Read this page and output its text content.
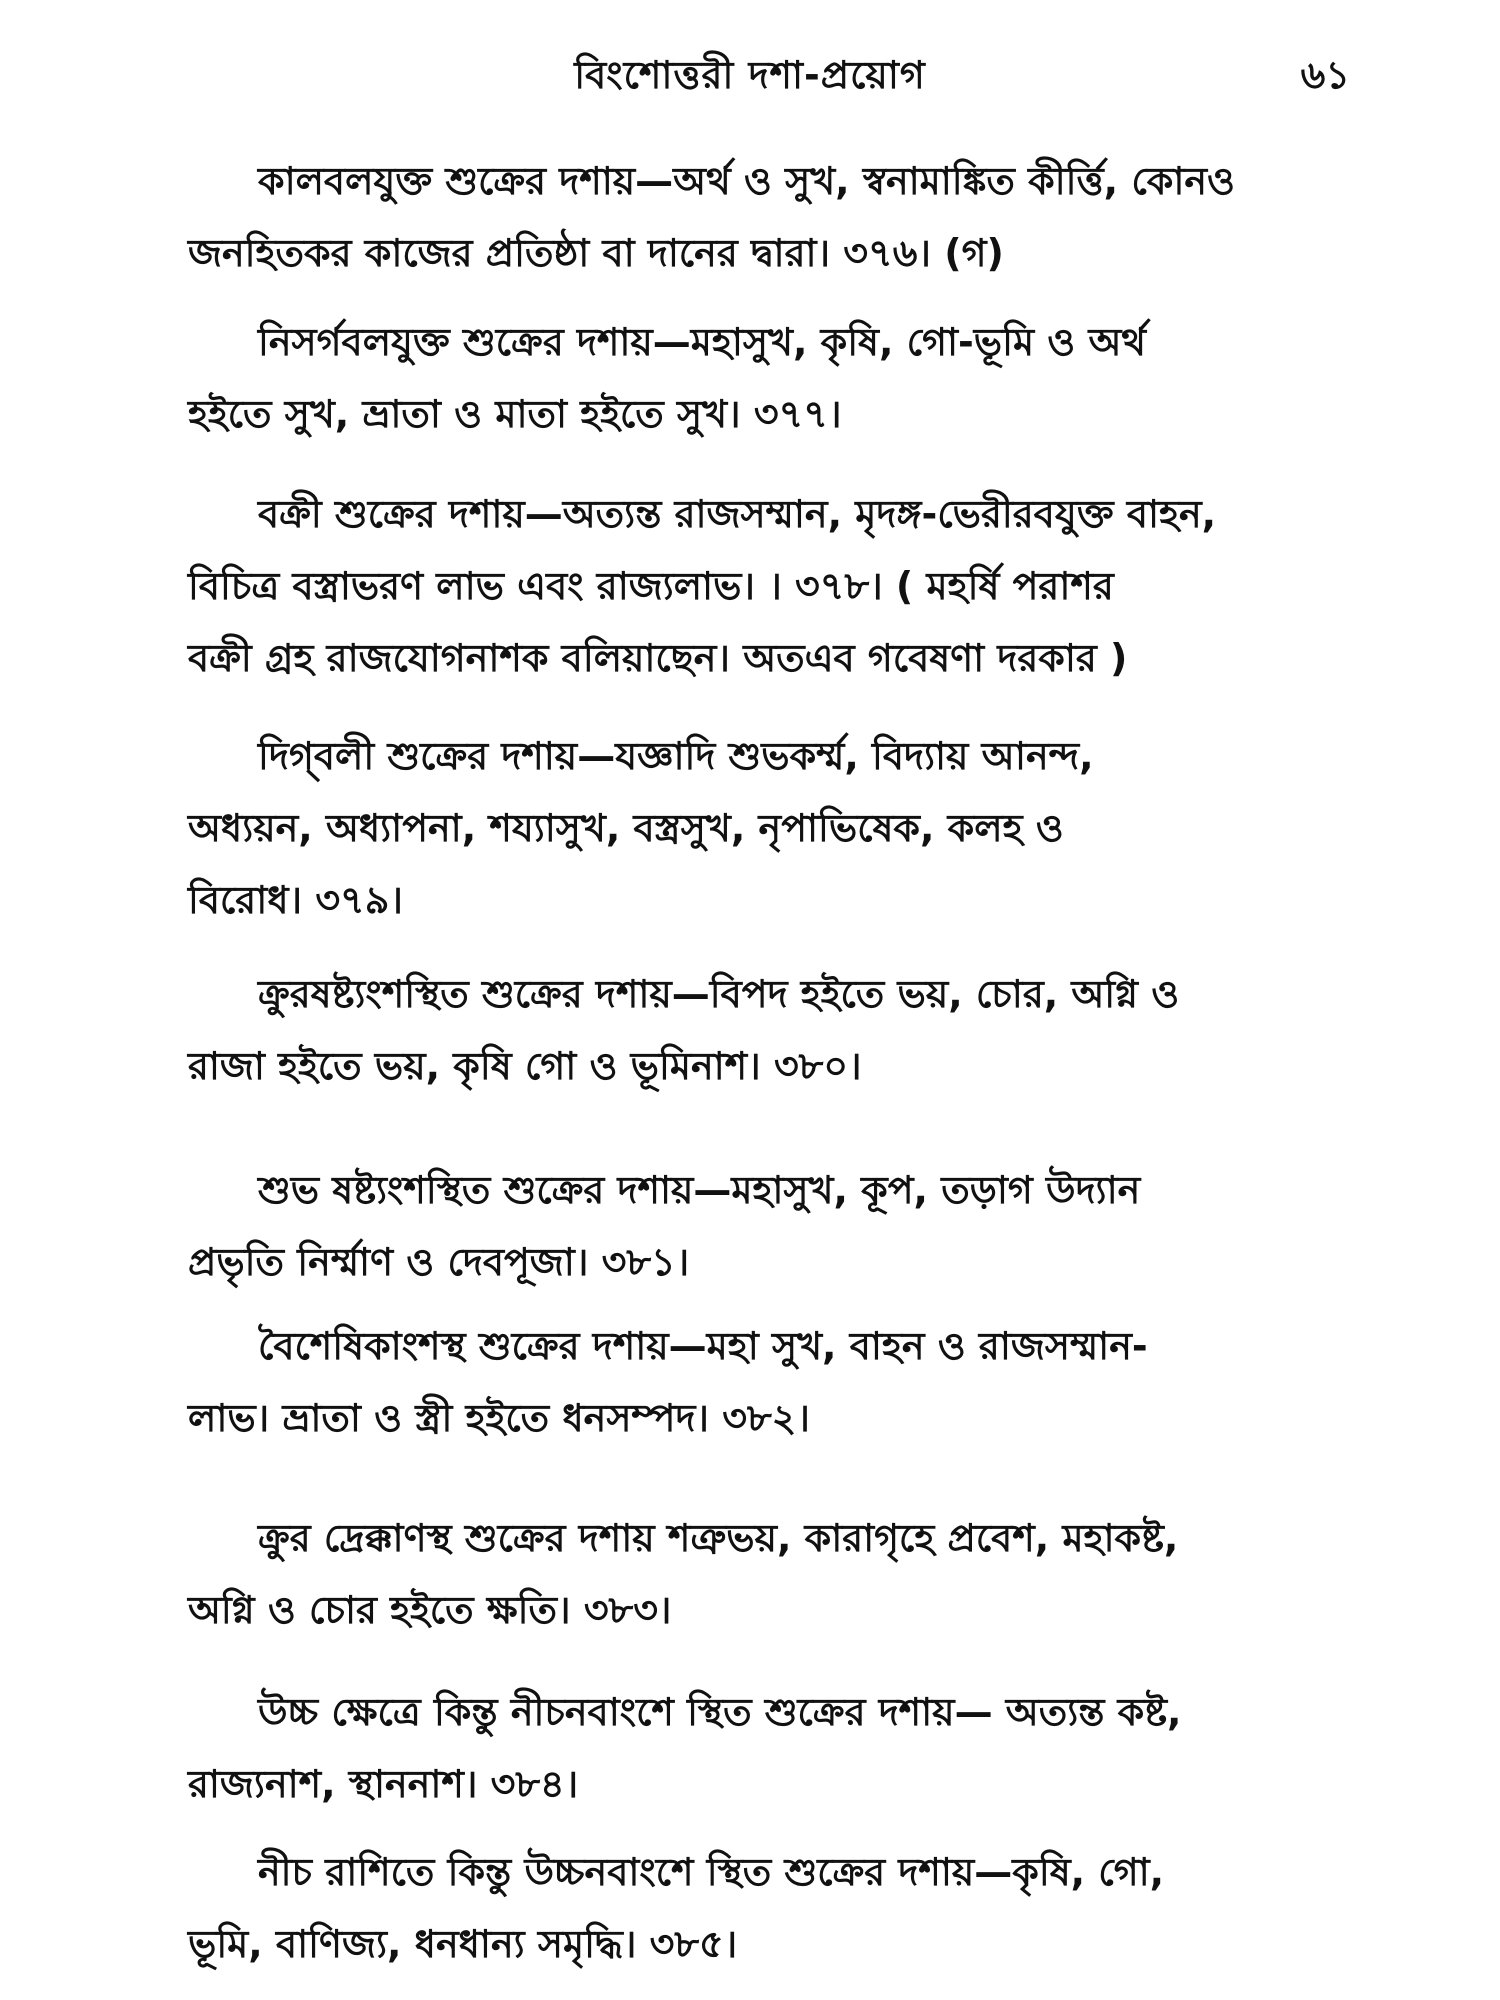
বিংশোত্তরী দশা-প্রয়োগ	৬১
কালবলযুক্ত শুক্রের দশায়—অর্থ ও সুখ, স্বনামাঙ্কিত কীর্ত্তি, কোনও
জনহিতকর কাজের প্রতিষ্ঠা বা দানের দ্বারা। ৩৭৬। (গ)
নিসর্গবলযুক্ত শুক্রের দশায়—মহাসুখ, কৃষি, গো-ভূমি ও অর্থ
হইতে সুখ, ভ্রাতা ও মাতা হইতে সুখ। ৩৭৭।
বক্রী শুক্রের দশায়—অত্যন্ত রাজসম্মান, মৃদঙ্গ-ভেরীরবযুক্ত বাহন,
বিচিত্র বস্ত্রাভরণ লাভ এবং রাজ্যলাভ। । ৩৭৮। ( মহর্ষি পরাশর
বক্রী গ্রহ রাজযোগনাশক বলিয়াছেন। অতএব গবেষণা দরকার )
দিগ্‌বলী শুক্রের দশায়—যজ্ঞাদি শুভকর্ম্ম, বিদ্যায় আনন্দ,
অধ্যয়ন, অধ্যাপনা, শয্যাসুখ, বস্ত্রসুখ, নৃপাভিষেক, কলহ ও
বিরোধ। ৩৭৯।
ক্রুরষষ্ট্যংশস্থিত শুক্রের দশায়—বিপদ হইতে ভয়, চোর, অগ্নি ও
রাজা হইতে ভয়, কৃষি গো ও ভূমিনাশ। ৩৮০।
শুভ ষষ্ট্যংশস্থিত শুক্রের দশায়—মহাসুখ, কূপ, তড়াগ উদ্যান
প্রভৃতি নির্ম্মাণ ও দেবপূজা। ৩৮১।
বৈশেষিকাংশস্থ শুক্রের দশায়—মহা সুখ, বাহন ও রাজসম্মান-
লাভ। ভ্রাতা ও স্ত্রী হইতে ধনসম্পদ। ৩৮২।
ক্রুর দ্রেক্কাণস্থ শুক্রের দশায় শত্রুভয়, কারাগৃহে প্রবেশ, মহাকষ্ট,
অগ্নি ও চোর হইতে ক্ষতি। ৩৮৩।
উচ্চ ক্ষেত্রে কিন্তু নীচনবাংশে স্থিত শুক্রের দশায়— অত্যন্ত কষ্ট,
রাজ্যনাশ, স্থাননাশ। ৩৮৪।
নীচ রাশিতে কিন্তু উচ্চনবাংশে স্থিত শুক্রের দশায়—কৃষি, গো,
ভূমি, বাণিজ্য, ধনধান্য সমৃদ্ধি। ৩৮৫।
